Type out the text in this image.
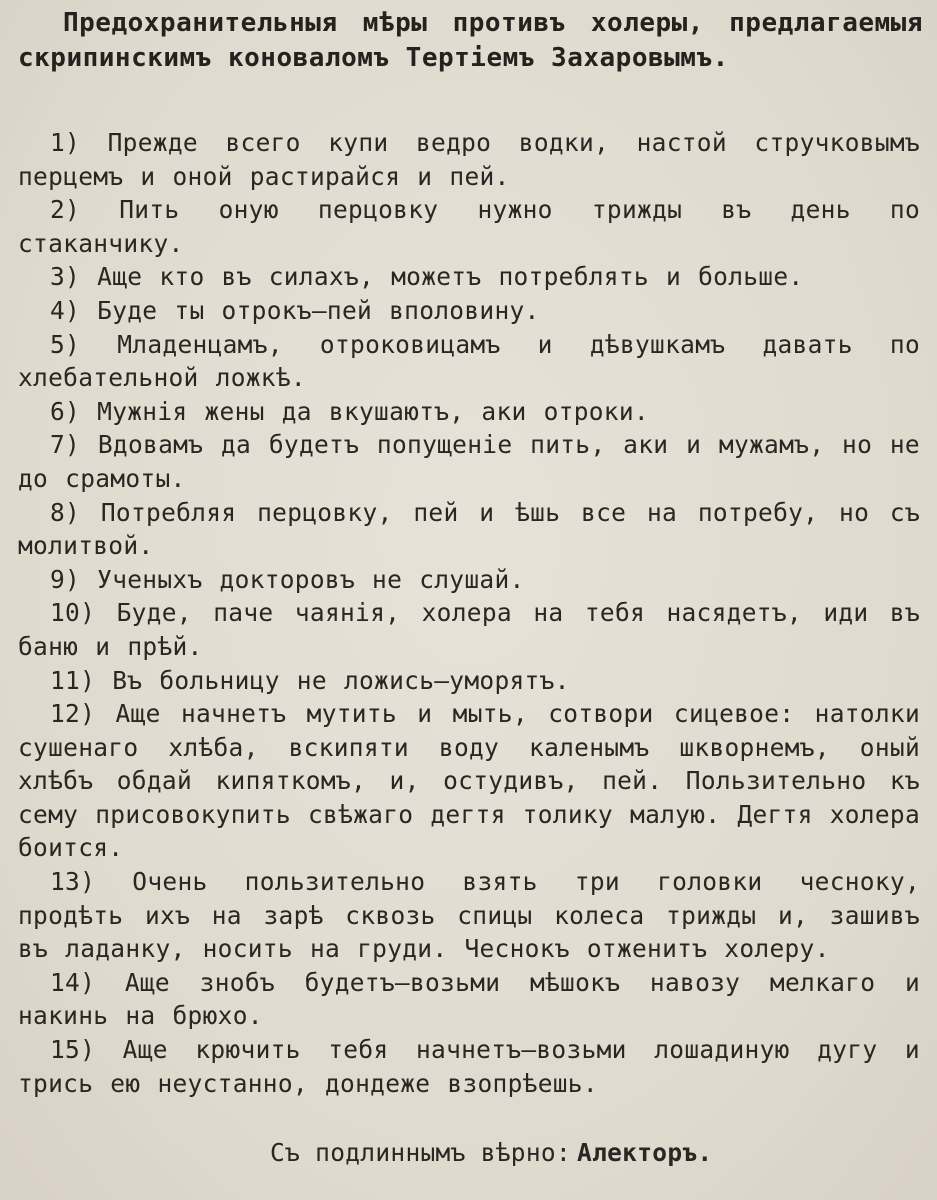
Предохранительныя мѣры противъ холеры, предлагаемыя скрипинскимъ коноваломъ Тертіемъ Захаровымъ.

1) Прежде всего купи ведро водки, настой стручковымъ перцемъ и оной растирайся и пей.

2) Пить оную перцовку нужно трижды въ день по стаканчику.

3) Аще кто въ силахъ, можетъ потреблять и больше.

4) Буде ты отрокъ—пей вполовину.

5) Младенцамъ, отроковицамъ и дѣвушкамъ давать по хлебательной ложкѣ.

6) Мужнія жены да вкушаютъ, аки отроки.

7) Вдовамъ да будетъ попущеніе пить, аки и мужамъ, но не до срамоты.

8) Потребляя перцовку, пей и ѣшь все на потребу, но съ молитвой.

9) Ученыхъ докторовъ не слушай.

10) Буде, паче чаянія, холера на тебя насядетъ, иди въ баню и прѣй.

11) Въ больницу не ложись—уморятъ.

12) Аще начнетъ мутить и мыть, сотвори сицевое: натолки сушенаго хлѣба, вскипяти воду каленымъ шкворнемъ, оный хлѣбъ обдай кипяткомъ, и, остудивъ, пей. Пользительно къ сему присовокупить свѣжаго дегтя толику малую. Дегтя холера боится.

13) Очень пользительно взять три головки чесноку, продѣть ихъ на зарѣ сквозь спицы колеса трижды и, зашивъ въ ладанку, носить на груди. Чеснокъ отженитъ холеру.

14) Аще знобъ будетъ—возьми мѣшокъ навозу мелкаго и накинь на брюхо.

15) Аще крючить тебя начнетъ—возьми лошадиную дугу и трись ею неустанно, дондеже взопрѣешь.

Съ подлиннымъ вѣрно: Алекторъ.
